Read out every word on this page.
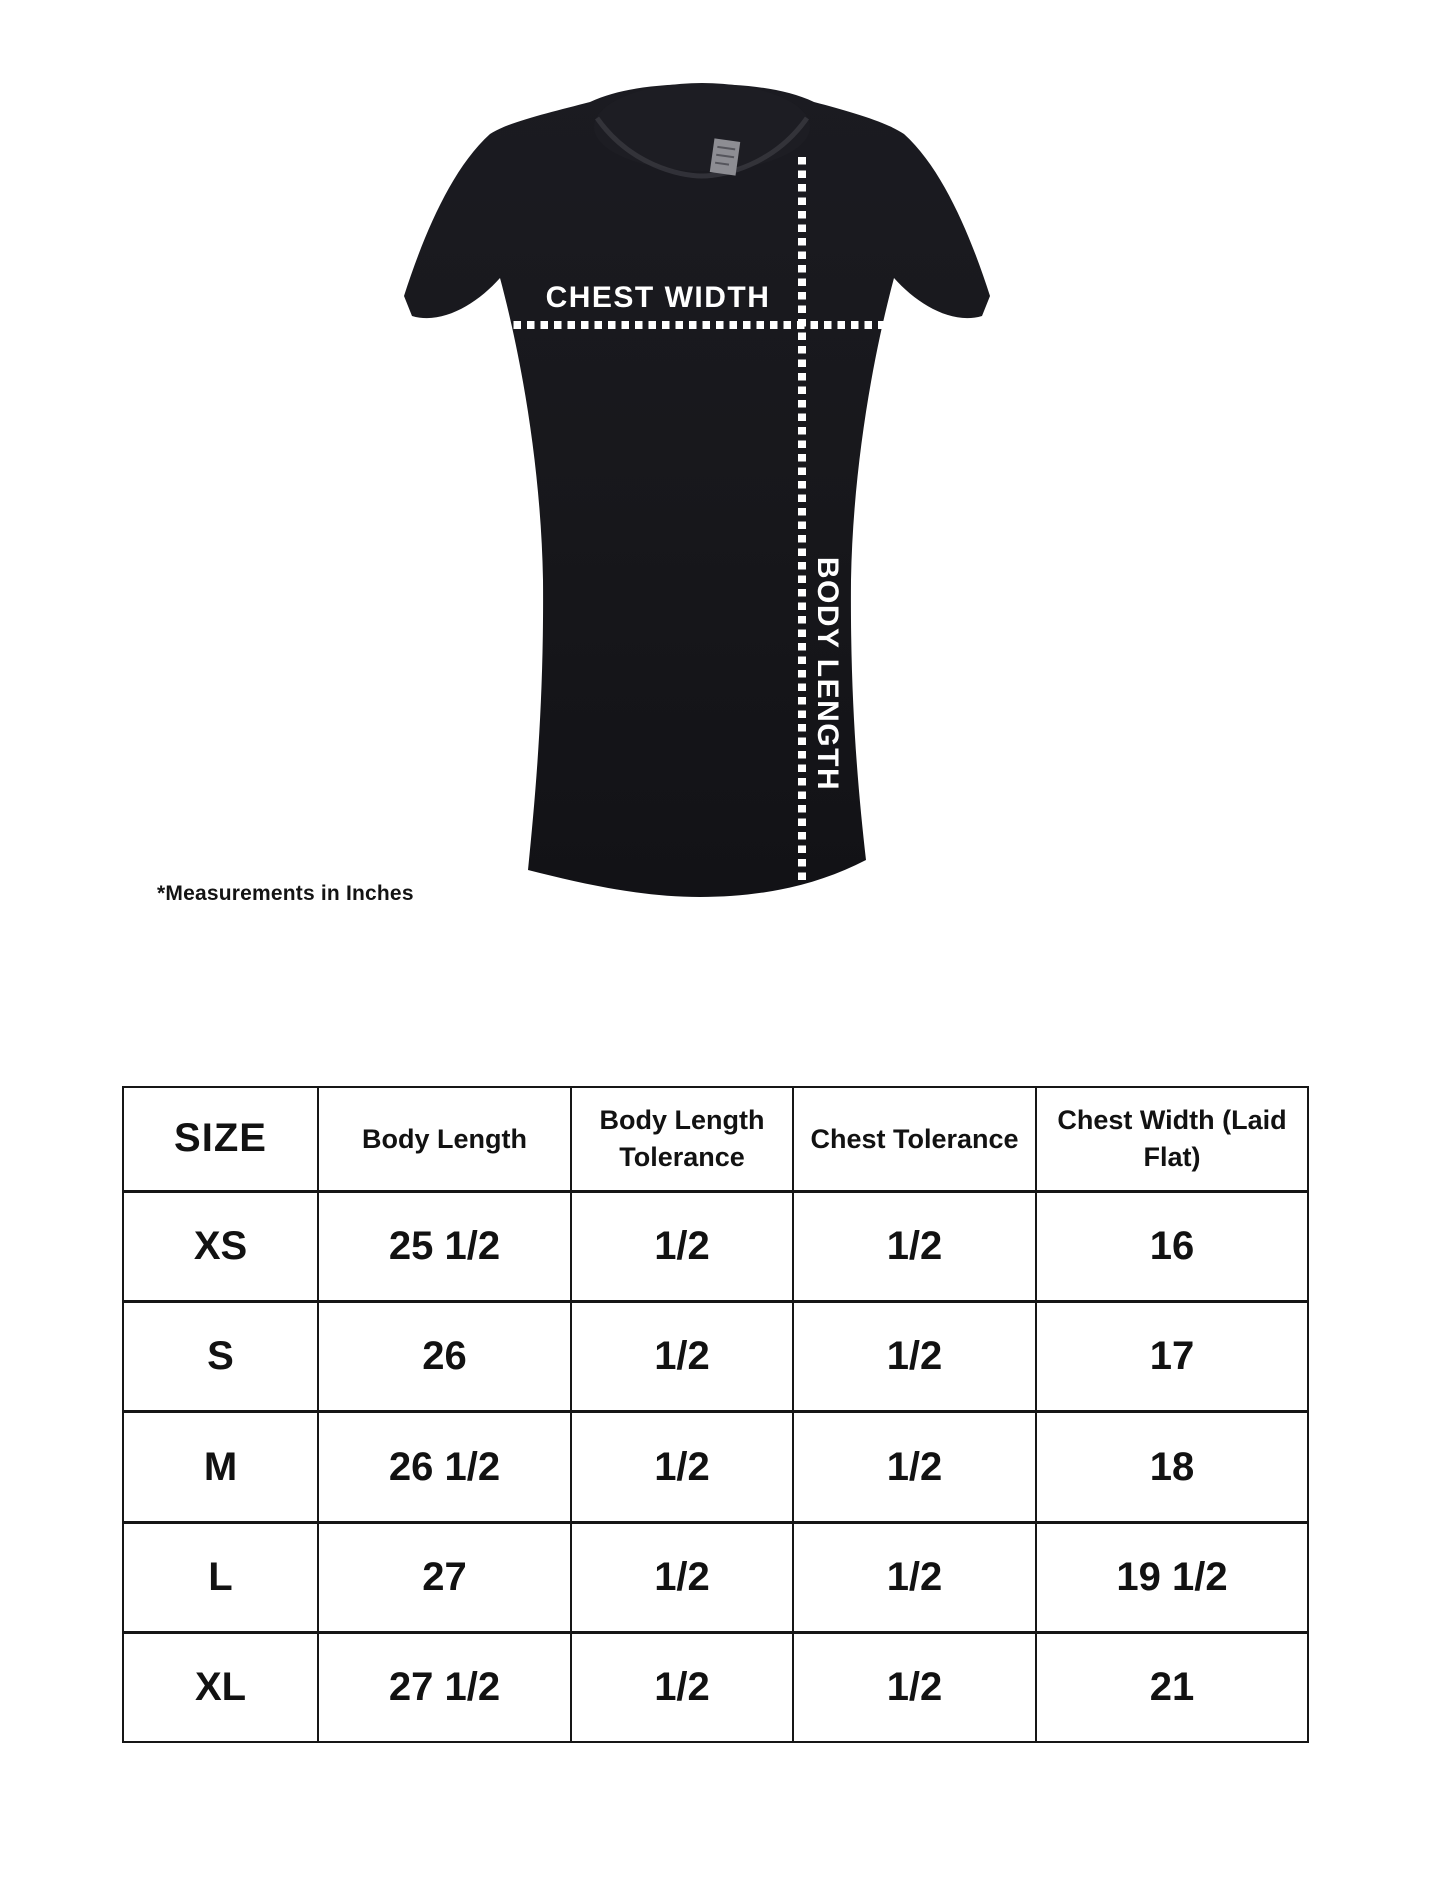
CHEST WIDTH
BODY LENGTH
*Measurements in Inches
SIZE	Body Length	Body Length Tolerance	Chest Tolerance	Chest Width (Laid Flat)
XS	25 1/2	1/2	1/2	16
S	26	1/2	1/2	17
M	26 1/2	1/2	1/2	18
L	27	1/2	1/2	19 1/2
XL	27 1/2	1/2	1/2	21
